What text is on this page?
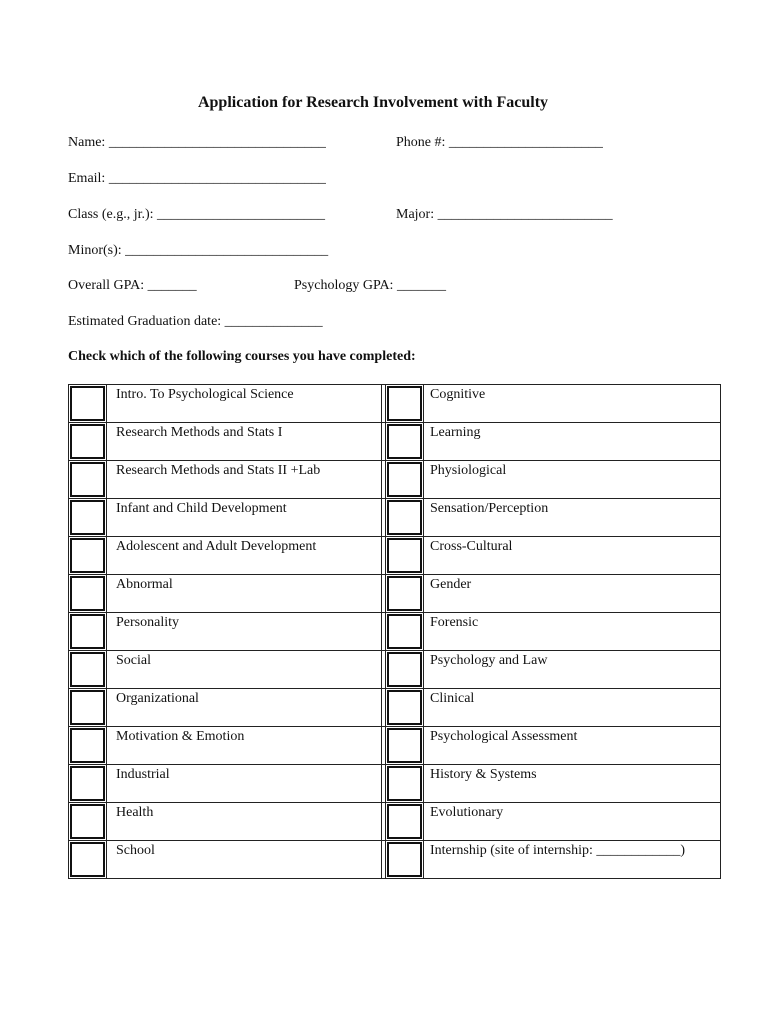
Application for Research Involvement with Faculty
Name: _______________________________	Phone #: ______________________
Email: _______________________________
Class (e.g., jr.): ________________________	Major: _________________________
Minor(s): _____________________________
Overall GPA: _______	Psychology GPA: _______
Estimated Graduation date: ______________
Check which of the following courses you have completed:
	Intro. To Psychological Science			Cognitive

	Research Methods and Stats I			Learning

	Research Methods and Stats II +Lab			Physiological

	Infant and Child Development			Sensation/Perception

	Adolescent and Adult Development			Cross-Cultural

	Abnormal			Gender

	Personality			Forensic

	Social			Psychology and Law

	Organizational			Clinical

	Motivation & Emotion			Psychological Assessment

	Industrial			History & Systems

	Health			Evolutionary

	School			Internship (site of internship: ____________)
